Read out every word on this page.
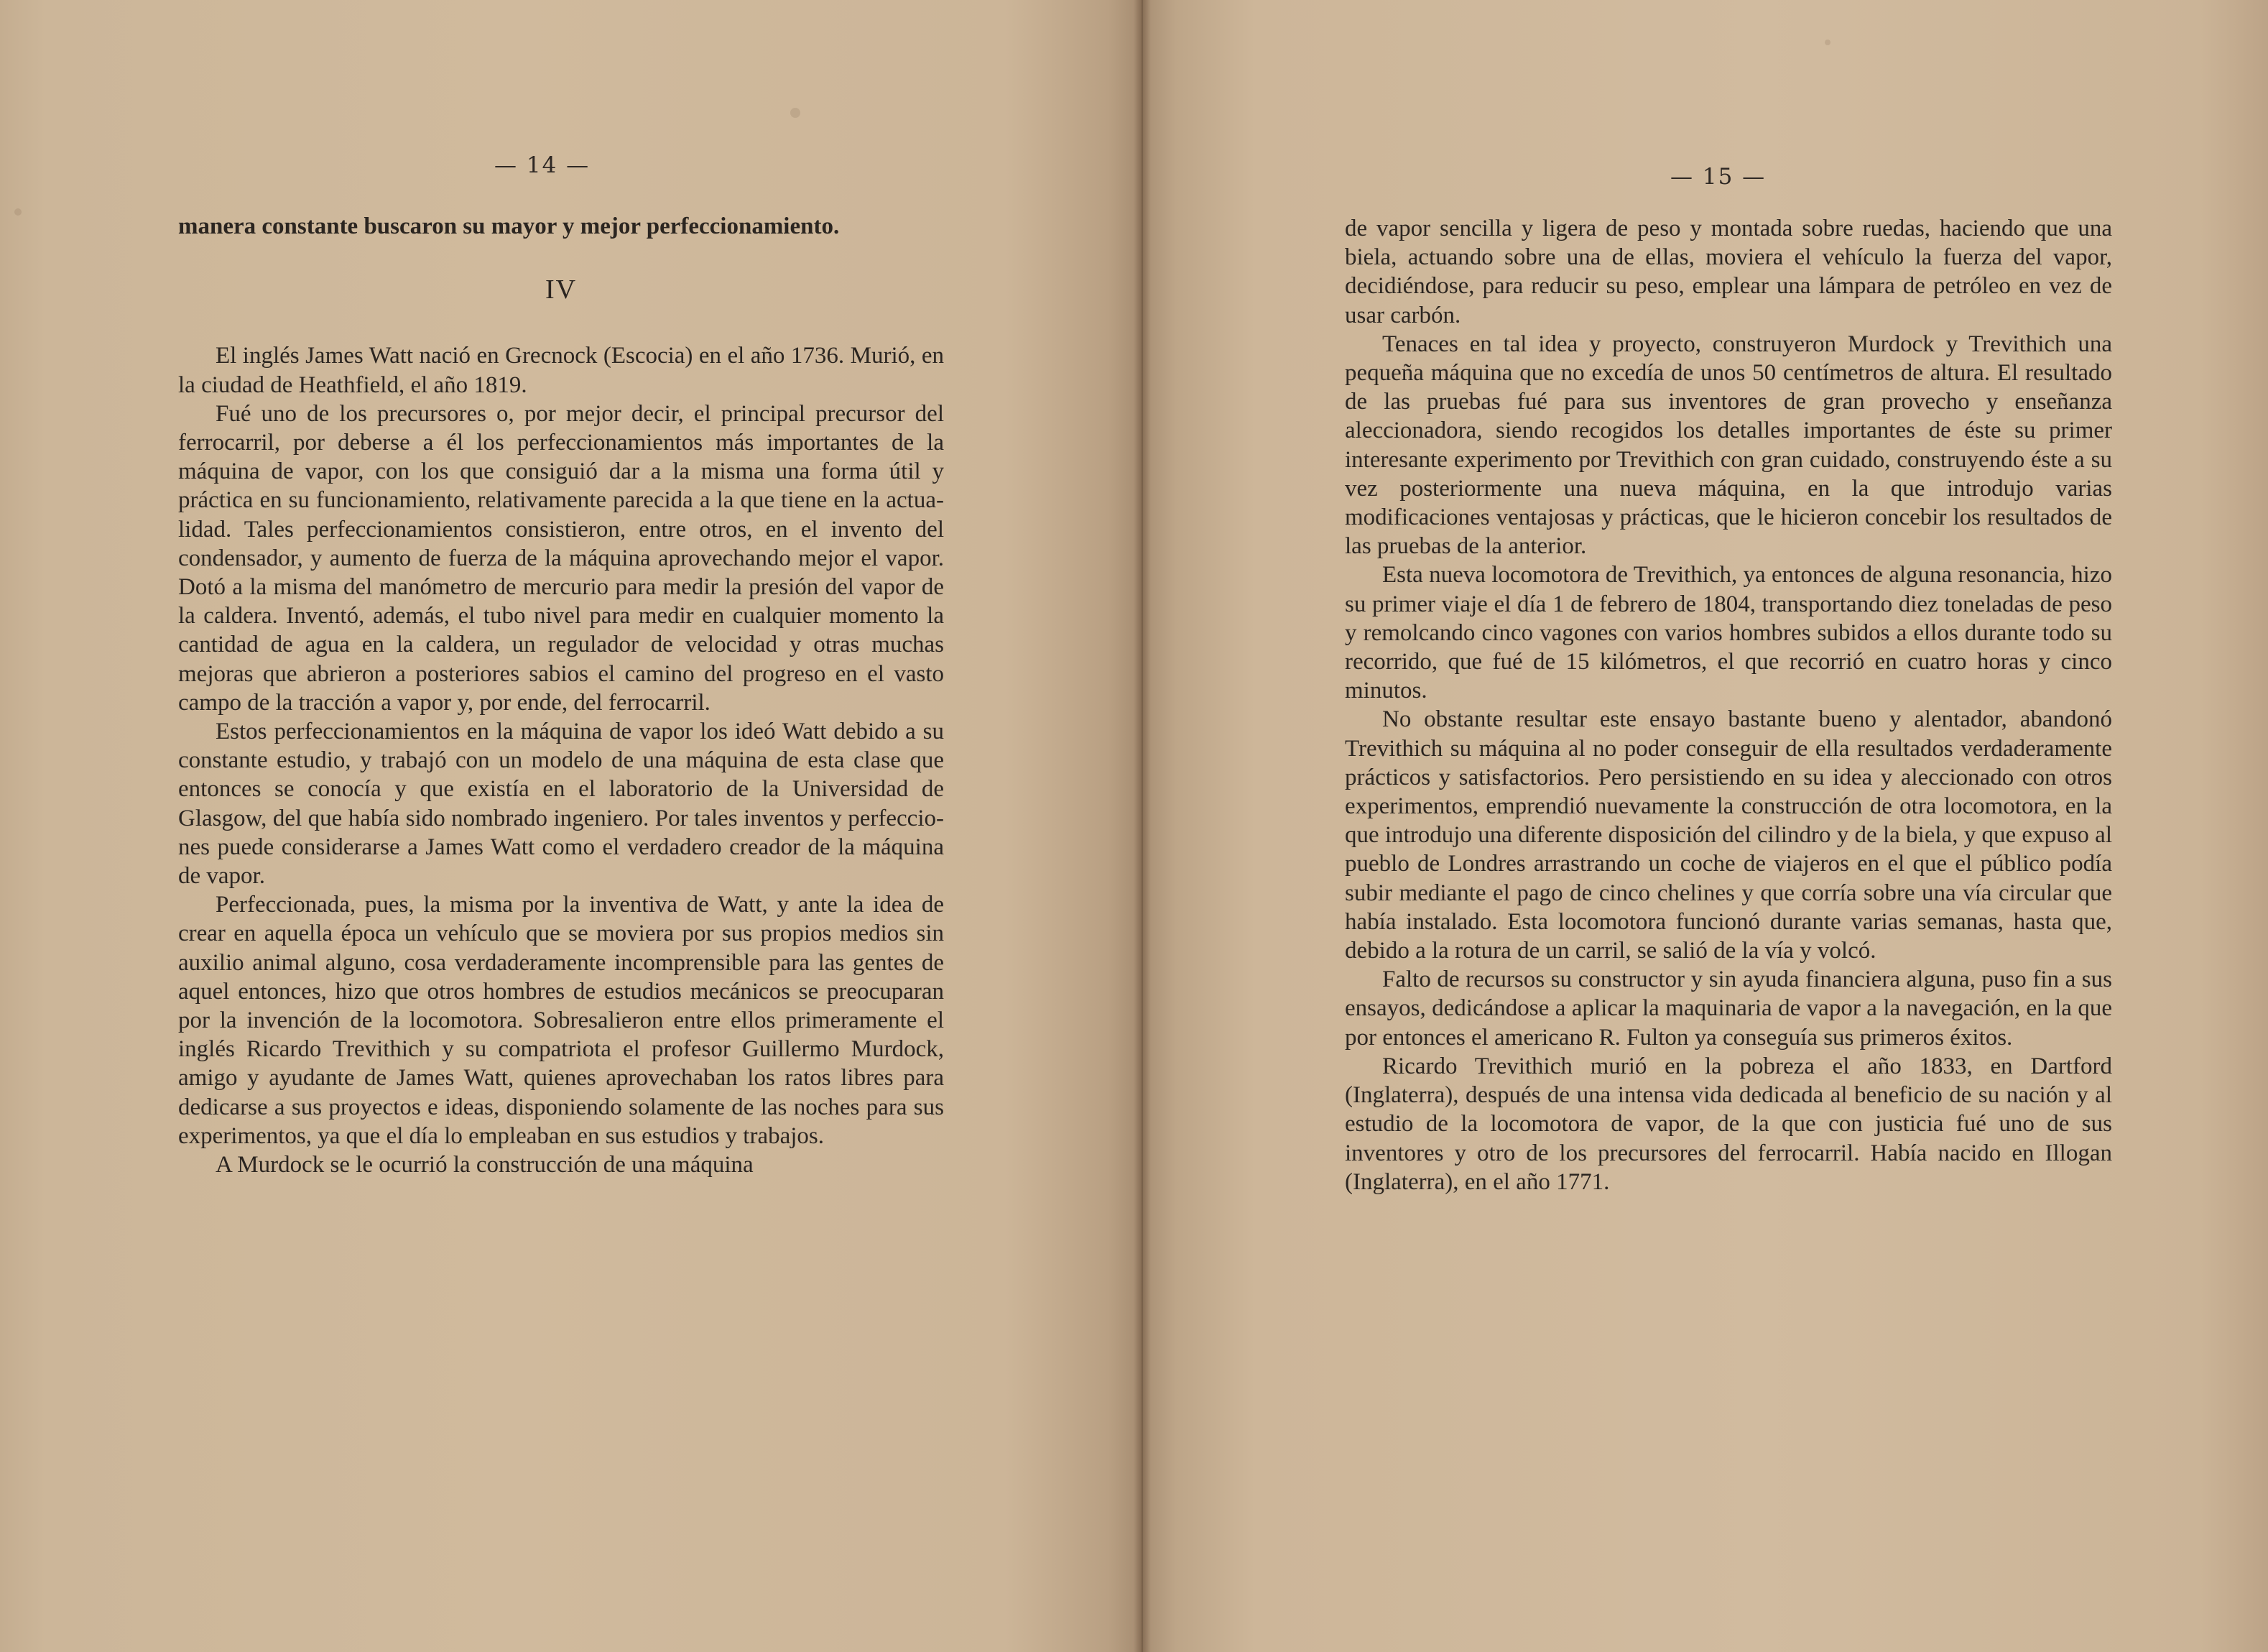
— 14 —

manera constante buscaron su mayor y mejor perfeccionamiento.

IV

El inglés James Watt nació en Grecnock (Escocia) en el año 1736. Murió, en la ciudad de Heathfield, el año 1819.

Fué uno de los precursores o, por mejor decir, el principal precursor del ferrocarril, por deberse a él los perfeccionamientos más importantes de la máquina de vapor, con los que consiguió dar a la misma una forma útil y práctica en su funcionamiento, relativamente parecida a la que tiene en la actualidad. Tales perfeccionamientos consistieron, entre otros, en el invento del condensador, y aumento de fuerza de la máquina aprovechando mejor el vapor. Dotó a la misma del manómetro de mercurio para medir la presión del vapor de la caldera. Inventó, además, el tubo nivel para medir en cualquier momento la cantidad de agua en la caldera, un regulador de velocidad y otras muchas mejoras que abrieron a posteriores sabios el camino del progreso en el vasto campo de la tracción a vapor y, por ende, del ferrocarril.

Estos perfeccionamientos en la máquina de vapor los ideó Watt debido a su constante estudio, y trabajó con un modelo de una máquina de esta clase que entonces se conocía y que existía en el laboratorio de la Universidad de Glasgow, del que había sido nombrado ingeniero. Por tales inventos y perfecciones puede considerarse a James Watt como el verdadero creador de la máquina de vapor.

Perfeccionada, pues, la misma por la inventiva de Watt, y ante la idea de crear en aquella época un vehículo que se moviera por sus propios medios sin auxilio animal alguno, cosa verdaderamente incomprensible para las gentes de aquel entonces, hizo que otros hombres de estudios mecánicos se preocuparan por la invención de la locomotora. Sobresalieron entre ellos primeramente el inglés Ricardo Trevithich y su compatriota el profesor Guillermo Murdock, amigo y ayudante de James Watt, quienes aprovechaban los ratos libres para dedicarse a sus proyectos e ideas, disponiendo solamente de las noches para sus experimentos, ya que el día lo empleaban en sus estudios y trabajos.

A Murdock se le ocurrió la construcción de una máquina

— 15 —

de vapor sencilla y ligera de peso y montada sobre ruedas, haciendo que una biela, actuando sobre una de ellas, moviera el vehículo la fuerza del vapor, decidiéndose, para reducir su peso, emplear una lámpara de petróleo en vez de usar carbón.

Tenaces en tal idea y proyecto, construyeron Murdock y Trevithich una pequeña máquina que no excedía de unos 50 centímetros de altura. El resultado de las pruebas fué para sus inventores de gran provecho y enseñanza aleccionadora, siendo recogidos los detalles importantes de éste su primer interesante experimento por Trevithich con gran cuidado, construyendo éste a su vez posteriormente una nueva máquina, en la que introdujo varias modificaciones ventajosas y prácticas, que le hicieron concebir los resultados de las pruebas de la anterior.

Esta nueva locomotora de Trevithich, ya entonces de alguna resonancia, hizo su primer viaje el día 1 de febrero de 1804, transportando diez toneladas de peso y remolcando cinco vagones con varios hombres subidos a ellos durante todo su recorrido, que fué de 15 kilómetros, el que recorrió en cuatro horas y cinco minutos.

No obstante resultar este ensayo bastante bueno y alentador, abandonó Trevithich su máquina al no poder conseguir de ella resultados verdaderamente prácticos y satisfactorios. Pero persistiendo en su idea y aleccionado con otros experimentos, emprendió nuevamente la construcción de otra locomotora, en la que introdujo una diferente disposición del cilindro y de la biela, y que expuso al pueblo de Londres arrastrando un coche de viajeros en el que el público podía subir mediante el pago de cinco chelines y que corría sobre una vía circular que había instalado. Esta locomotora funcionó durante varias semanas, hasta que, debido a la rotura de un carril, se salió de la vía y volcó.

Falto de recursos su constructor y sin ayuda financiera alguna, puso fin a sus ensayos, dedicándose a aplicar la maquinaria de vapor a la navegación, en la que por entonces el americano R. Fulton ya conseguía sus primeros éxitos.

Ricardo Trevithich murió en la pobreza el año 1833, en Dartford (Inglaterra), después de una intensa vida dedicada al beneficio de su nación y al estudio de la locomotora de vapor, de la que con justicia fué uno de sus inventores y otro de los precursores del ferrocarril. Había nacido en Illogan (Inglaterra), en el año 1771.
